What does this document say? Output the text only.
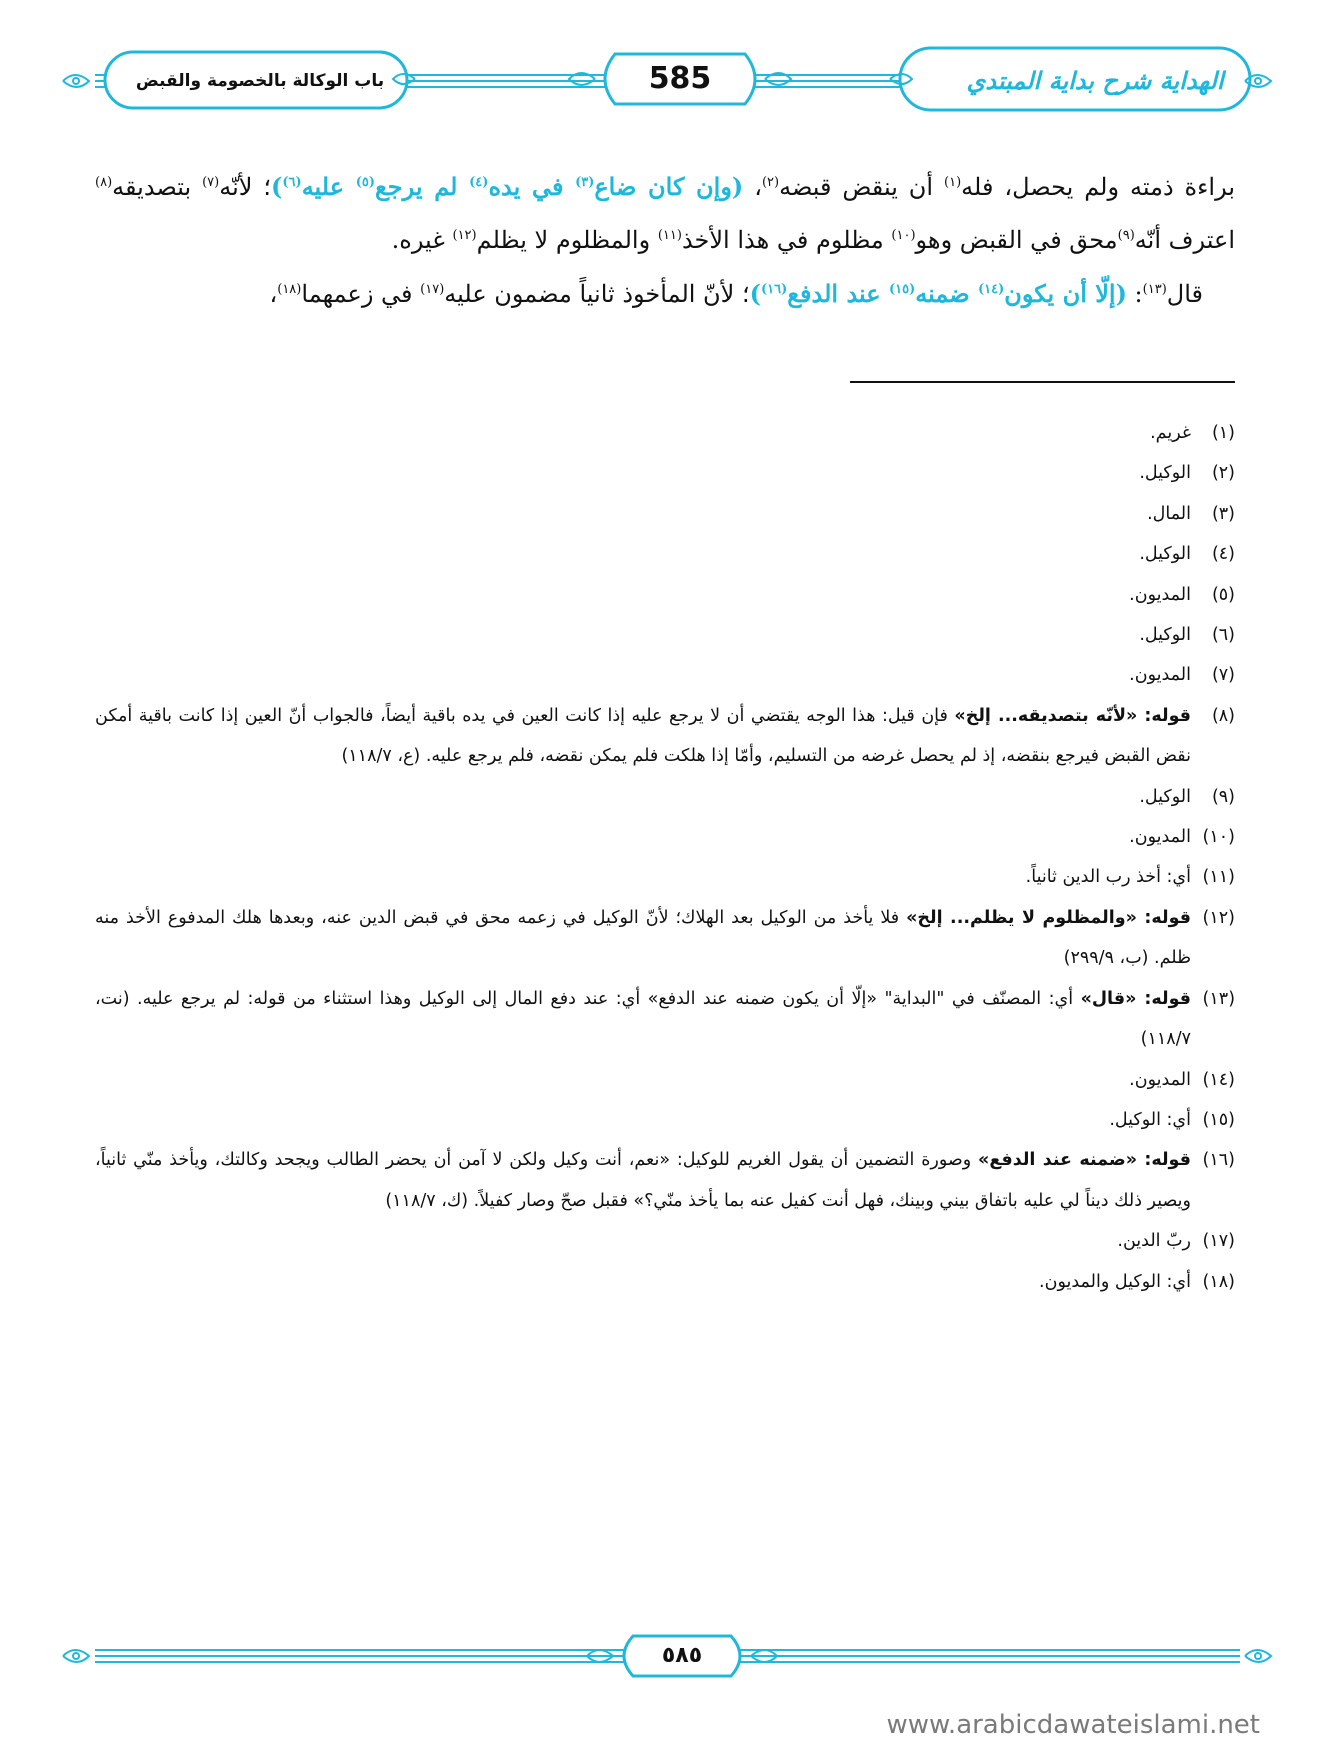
باب الوكالة بالخصومة والقبض	585	الهداية شرح بداية المبتدي

براءة ذمته ولم يحصل، فله$^{(١)}$ أن ينقض قبضه$^{(٢)}$، (وإن كان ضاع$^{(٣)}$ في يده$^{(٤)}$ لم يرجع$^{(٥)}$ عليه$^{(٦)}$)؛ لأنّه$^{(٧)}$ بتصديقه$^{(٨)}$ اعترف أنّه$^{(٩)}$محق في القبض وهو$^{(١٠)}$ مظلوم في هذا الأخذ$^{(١١)}$ والمظلوم لا يظلم$^{(١٢)}$ غيره.

قال$^{(١٣)}$: (إلّا أن يكون$^{(١٤)}$ ضمنه$^{(١٥)}$ عند الدفع$^{(١٦)}$)؛ لأنّ المأخوذ ثانياً مضمون عليه$^{(١٧)}$ في زعمهما$^{(١٨)}$،

(١)غريم.

(٢)الوكيل.

(٣)المال.

(٤)الوكيل.

(٥)المديون.

(٦)الوكيل.

(٧)المديون.

(٨)قوله: «لأنّه بتصديقه... إلخ» فإن قيل: هذا الوجه يقتضي أن لا يرجع عليه إذا كانت العين في يده باقية أيضاً، فالجواب أنّ العين إذا كانت باقية أمكن نقض القبض فيرجع بنقضه، إذ لم يحصل غرضه من التسليم، وأمّا إذا هلكت فلم يمكن نقضه، فلم يرجع عليه. (ع، ١١٨/٧)

(٩)الوكيل.

(١٠)المديون.

(١١)أي: أخذ رب الدين ثانياً.

(١٢)قوله: «والمظلوم لا يظلم... إلخ» فلا يأخذ من الوكيل بعد الهلاك؛ لأنّ الوكيل في زعمه محق في قبض الدين عنه، وبعدها هلك المدفوع الأخذ منه ظلم. (ب، ٢٩٩/٩)

(١٣)قوله: «قال» أي: المصنّف في "البداية" «إلّا أن يكون ضمنه عند الدفع» أي: عند دفع المال إلى الوكيل وهذا استثناء من قوله: لم يرجع عليه. (نت، ١١٨/٧)

(١٤)المديون.

(١٥)أي: الوكيل.

(١٦)قوله: «ضمنه عند الدفع» وصورة التضمين أن يقول الغريم للوكيل: «نعم، أنت وكيل ولكن لا آمن أن يحضر الطالب ويجحد وكالتك، ويأخذ منّي ثانياً، ويصير ذلك ديناً لي عليه باتفاق بيني وبينك، فهل أنت كفيل عنه بما يأخذ منّي؟» فقبل صحّ وصار كفيلاً. (ك، ١١٨/٧)

(١٧)ربّ الدين.

(١٨)أي: الوكيل والمديون.

٥٨٥
www.arabicdawateislami.net
